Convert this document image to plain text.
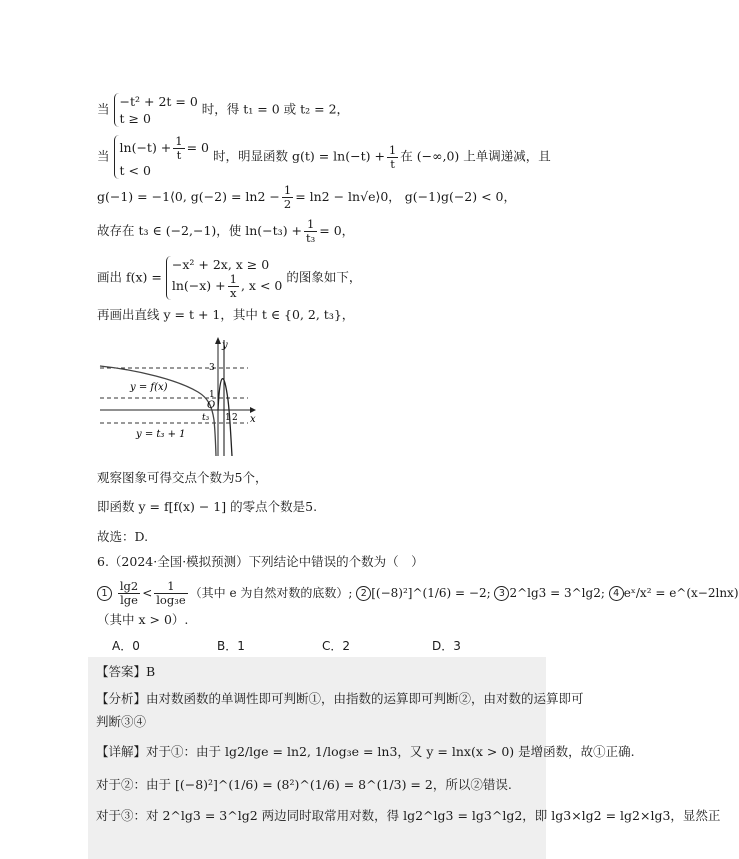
当 −t² + 2t = 0
t ≥ 0
时，得 t₁ = 0 或 t₂ = 2，
当
$\ln(-t) + \frac{1}{t} = 0$
t < 0
时，明显函数 $g(t) = \ln(-t) + \frac{1}{t}$ 在 (−∞,0) 上单调递减，且
g(−1) = −1⟨0, $g(-2) = \ln 2 - \frac{1}{2} = \ln 2$ − ln√e⟩0， g(−1)g(−2) < 0，
故存在 t₃ ∈ (−2,−1)，使 $\ln(-t_3) + \frac{1}{\text{t₃}} = 0$，
画出 f(x) =
−x² + 2x, x ≥ 0
$\ln(-x) + \frac{1}{x}$ , x < 0
的图象如下，
再画出直线 y = t + 1，其中 t ∈ {0, 2, t₃}，
y
x
O
3
1
t₃ 1 2
y = f(x)
y = t₃ + 1
观察图象可得交点个数为5个，
即函数 y = f[f(x) − 1] 的零点个数是5.
故选：D.
6.（2024·全国·模拟预测）下列结论中错误的个数为（　）
$1 \frac{\lg 2}{\lg e} < \frac{1}{\text{log₃e}}$ （其中 e 为自然对数的底数）; 2 [(−8)²]^(1/6) = −2; 3 2^lg3 = 3^lg2; 4 eˣ/x² = e^(x−2lnx)
（其中 x > 0）.
A．0	B．1	C．2	D．3
【答案】B
【分析】由对数函数的单调性即可判断①，由指数的运算即可判断②，由对数的运算即可
判断③④
【详解】对于①：由于 lg2/lge = ln2, 1/log₃e = ln3，又 y = lnx(x > 0) 是增函数，故①正确.
对于②：由于 [(−8)²]^(1/6) = (8²)^(1/6) = 8^(1/3) = 2，所以②错误.
对于③：对 2^lg3 = 3^lg2 两边同时取常用对数，得 lg2^lg3 = lg3^lg2，即 lg3×lg2 = lg2×lg3，显然正
